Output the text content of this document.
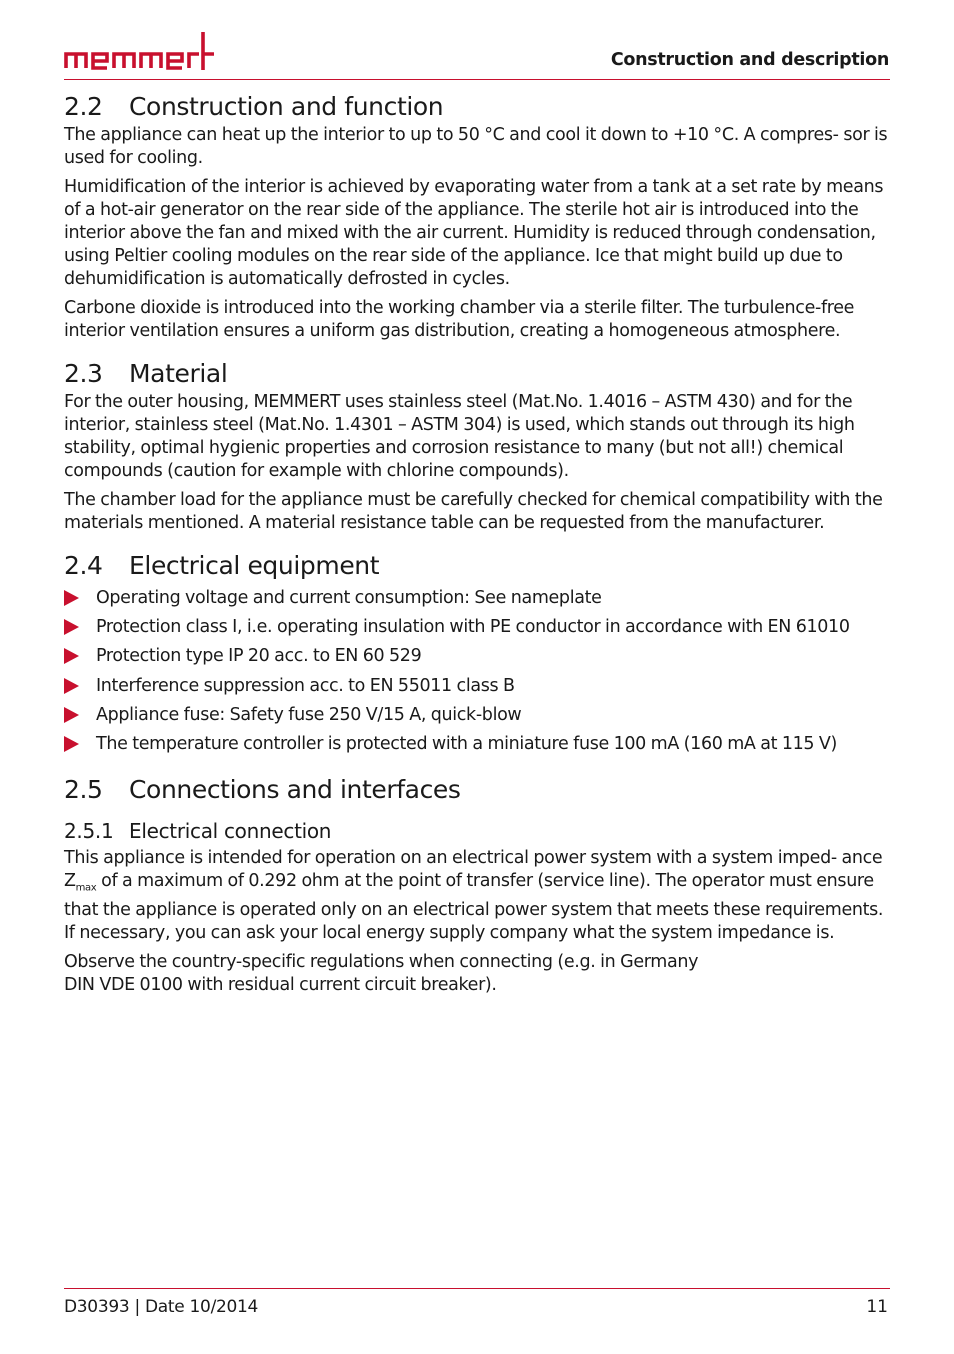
Construction and description
2.2	Construction and function

The appliance can heat up the interior to up to 50 °C and cool it down to +10 °C. A compres- sor is used for cooling.

Humidification of the interior is achieved by evaporating water from a tank at a set rate by means of a hot-air generator on the rear side of the appliance. The sterile hot air is introduced into the interior above the fan and mixed with the air current. Humidity is reduced through condensation, using Peltier cooling modules on the rear side of the appliance. Ice that might build up due to dehumidification is automatically defrosted in cycles.

Carbone dioxide is introduced into the working chamber via a sterile filter. The turbulence-free interior ventilation ensures a uniform gas distribution, creating a homogeneous atmosphere.

2.3	Material

For the outer housing, MEMMERT uses stainless steel (Mat.No. 1.4016 – ASTM 430) and for the interior, stainless steel (Mat.No. 1.4301 – ASTM 304) is used, which stands out through its high stability, optimal hygienic properties and corrosion resistance to many (but not all!) chemical compounds (caution for example with chlorine compounds).

The chamber load for the appliance must be carefully checked for chemical compatibility with the materials mentioned. A material resistance table can be requested from the manufacturer.

2.4	Electrical equipment
Operating voltage and current consumption: See nameplate
Protection class I, i.e. operating insulation with PE conductor in accordance with EN 61010
Protection type IP 20 acc. to EN 60 529
Interference suppression acc. to EN 55011 class B
Appliance fuse: Safety fuse 250 V/15 A, quick-blow
The temperature controller is protected with a miniature fuse 100 mA (160 mA at 115 V)
2.5	Connections and interfaces
2.5.1 Electrical connection

This appliance is intended for operation on an electrical power system with a system imped- ance $Z_{max}$ of a maximum of 0.292 ohm at the point of transfer (service line). The operator must ensure that the appliance is operated only on an electrical power system that meets these requirements. If necessary, you can ask your local energy supply company what the system impedance is.

Observe the country-specific regulations when connecting (e.g. in Germany
DIN VDE 0100 with residual current circuit breaker).

D30393 | Date 10/2014	11
